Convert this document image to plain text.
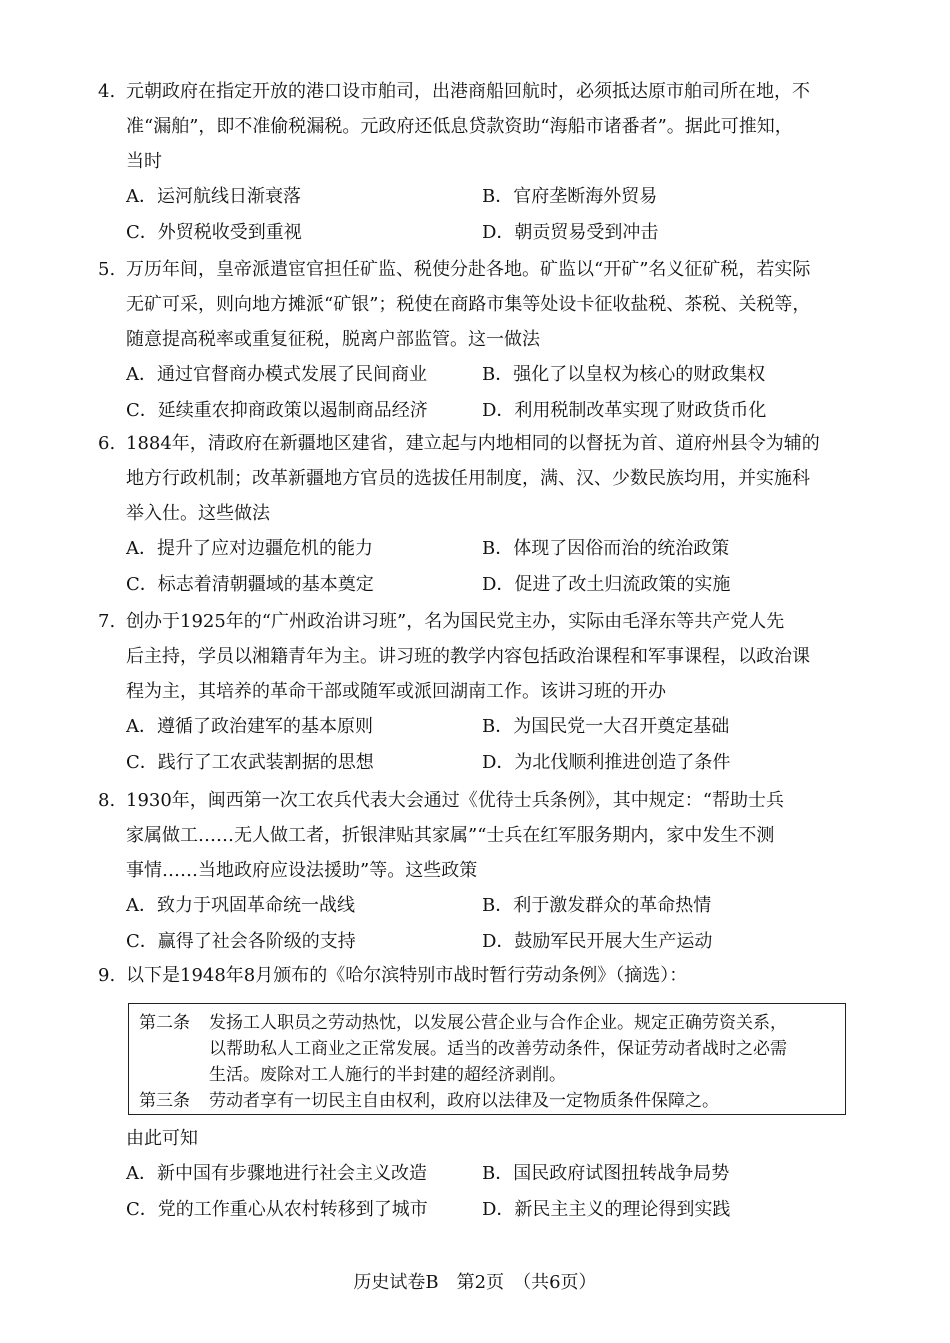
4. 元朝政府在指定开放的港口设市舶司，出港商船回航时，必须抵达原市舶司所在地，不
准“漏舶”，即不准偷税漏税。元政府还低息贷款资助“海船市诸番者”。据此可推知，
当时

A．运河航线日渐衰落	B．官府垄断海外贸易
C．外贸税收受到重视	D．朝贡贸易受到冲击

5. 万历年间，皇帝派遣宦官担任矿监、税使分赴各地。矿监以“开矿”名义征矿税，若实际
无矿可采，则向地方摊派“矿银”；税使在商路市集等处设卡征收盐税、茶税、关税等，
随意提高税率或重复征税，脱离户部监管。这一做法

A．通过官督商办模式发展了民间商业	B．强化了以皇权为核心的财政集权
C．延续重农抑商政策以遏制商品经济	D．利用税制改革实现了财政货币化

6. 1884年，清政府在新疆地区建省，建立起与内地相同的以督抚为首、道府州县令为辅的
地方行政机制；改革新疆地方官员的选拔任用制度，满、汉、少数民族均用，并实施科
举入仕。这些做法

A．提升了应对边疆危机的能力	B．体现了因俗而治的统治政策
C．标志着清朝疆域的基本奠定	D．促进了改土归流政策的实施

7. 创办于1925年的“广州政治讲习班”，名为国民党主办，实际由毛泽东等共产党人先
后主持，学员以湘籍青年为主。讲习班的教学内容包括政治课程和军事课程，以政治课
程为主，其培养的革命干部或随军或派回湖南工作。该讲习班的开办

A．遵循了政治建军的基本原则	B．为国民党一大召开奠定基础
C．践行了工农武装割据的思想	D．为北伐顺利推进创造了条件

8. 1930年，闽西第一次工农兵代表大会通过《优待士兵条例》，其中规定：“帮助士兵
家属做工……无人做工者，折银津贴其家属”“士兵在红军服务期内，家中发生不测
事情……当地政府应设法援助”等。这些政策

A．致力于巩固革命统一战线	B．利于激发群众的革命热情
C．赢得了社会各阶级的支持	D．鼓励军民开展大生产运动

9. 以下是1948年8月颁布的《哈尔滨特别市战时暂行劳动条例》（摘选）：

第二条 发扬工人职员之劳动热忱，以发展公营企业与合作企业。规定正确劳资关系，
以帮助私人工商业之正常发展。适当的改善劳动条件，保证劳动者战时之必需
生活。废除对工人施行的半封建的超经济剥削。

第三条 劳动者享有一切民主自由权利，政府以法律及一定物质条件保障之。

由此可知
A．新中国有步骤地进行社会主义改造	B．国民政府试图扭转战争局势
C．党的工作重心从农村转移到了城市	D．新民主主义的理论得到实践
历史试卷B　第2页　（共6页）
